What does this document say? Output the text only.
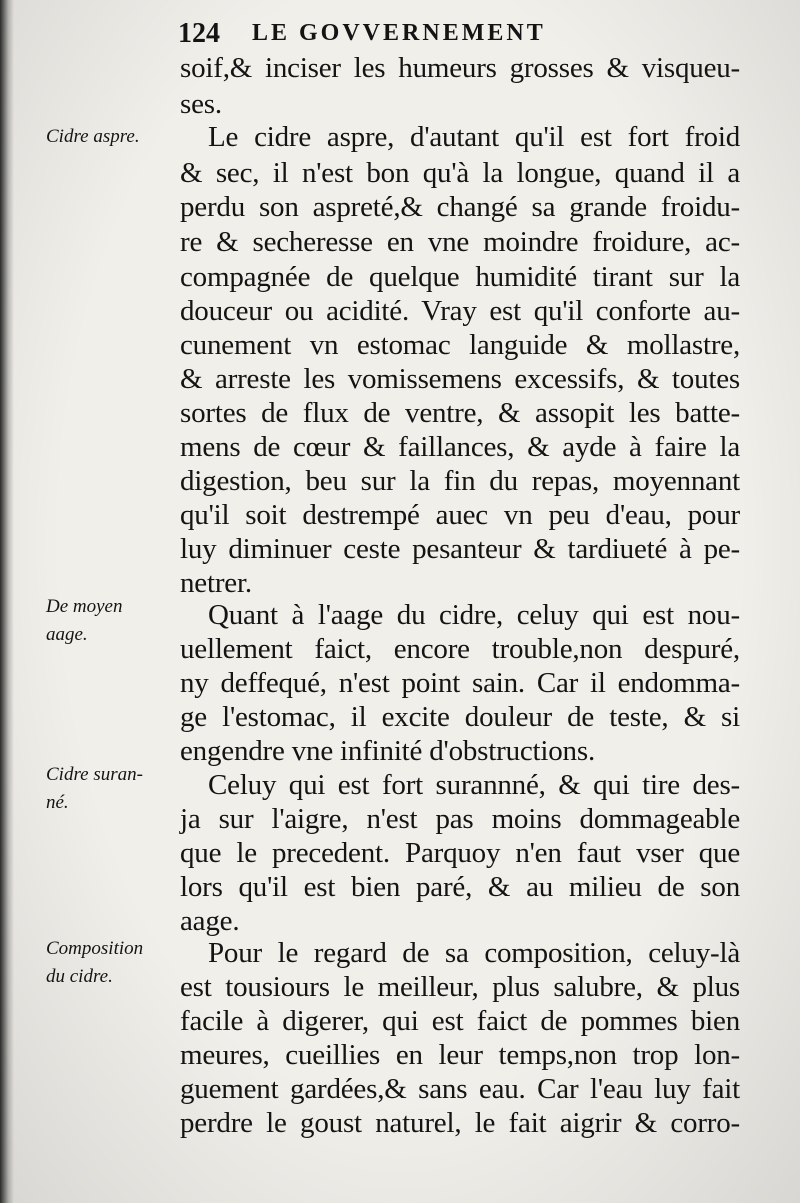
124 LE GOVVERNEMENT
Cidre aspre.
De moyen
aage.
Cidre suran-
né.
Composition
du cidre.
soif,& inciser les humeurs grosses & visqueu-
ses.
Le cidre aspre, d'autant qu'il est fort froid
& sec, il n'est bon qu'à la longue, quand il a
perdu son aspreté,& changé sa grande froidu-
re & secheresse en vne moindre froidure, ac-
compagnée de quelque humidité tirant sur la
douceur ou acidité. Vray est qu'il conforte au-
cunement vn estomac languide & mollastre,
& arreste les vomissemens excessifs, & toutes
sortes de flux de ventre, & assopit les batte-
mens de cœur & faillances, & ayde à faire la
digestion, beu sur la fin du repas, moyennant
qu'il soit destrempé auec vn peu d'eau, pour
luy diminuer ceste pesanteur & tardiueté à pe-
netrer.
Quant à l'aage du cidre, celuy qui est nou-
uellement faict, encore trouble,non despuré,
ny deffequé, n'est point sain. Car il endomma-
ge l'estomac, il excite douleur de teste, & si
engendre vne infinité d'obstructions.
Celuy qui est fort surannné, & qui tire des-
ja sur l'aigre, n'est pas moins dommageable
que le precedent. Parquoy n'en faut vser que
lors qu'il est bien paré, & au milieu de son
aage.
Pour le regard de sa composition, celuy-là
est tousiours le meilleur, plus salubre, & plus
facile à digerer, qui est faict de pommes bien
meures, cueillies en leur temps,non trop lon-
guement gardées,& sans eau. Car l'eau luy fait
perdre le goust naturel, le fait aigrir & corro-
